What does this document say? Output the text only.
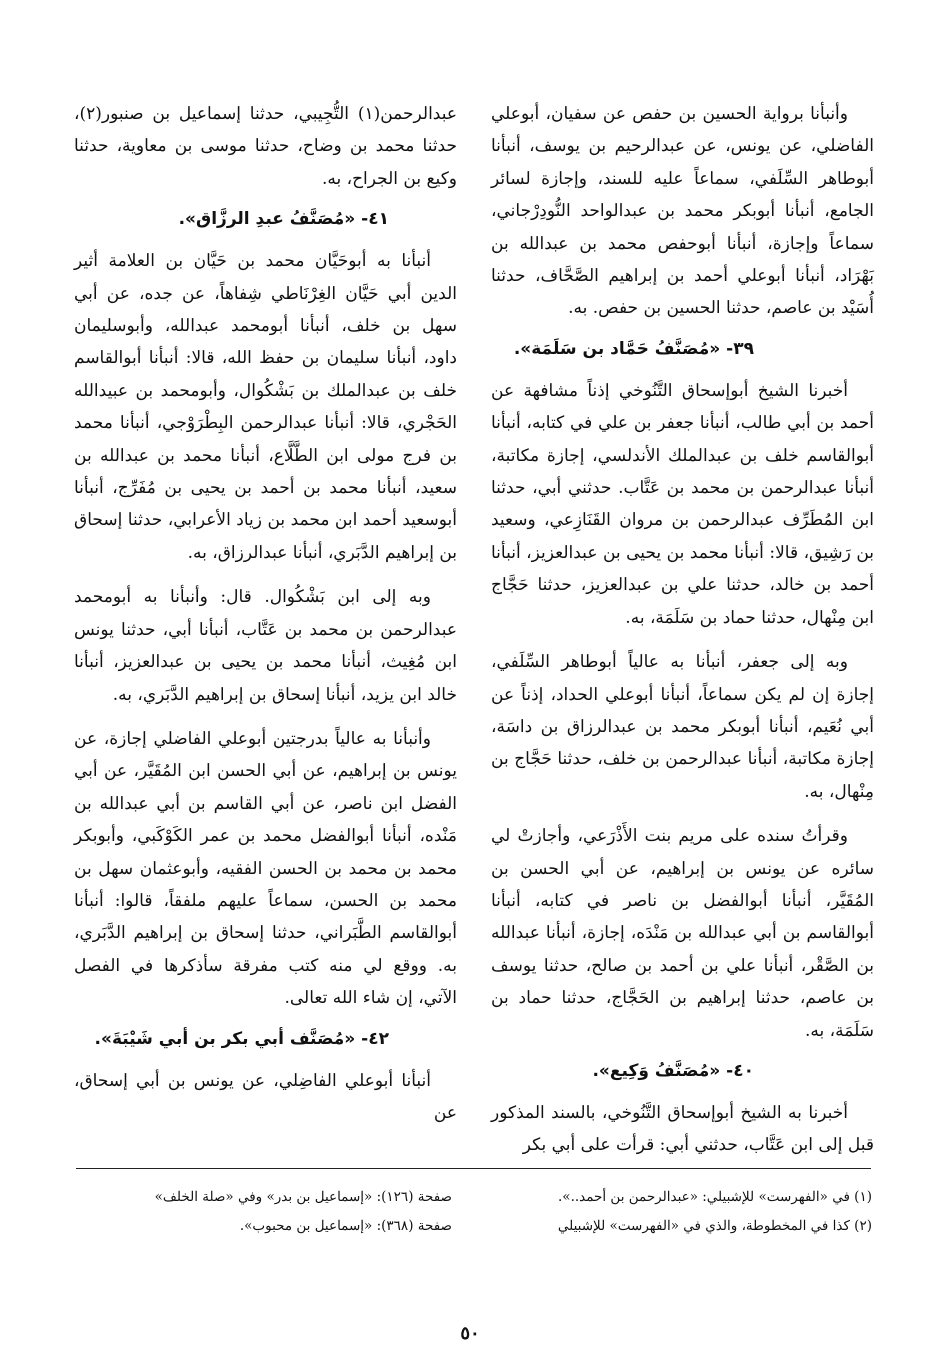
وأنبأنا برواية الحسين بن حفص عن سفيان، أبوعلي الفاضلي، عن يونس، عن عبدالرحيم بن يوسف، أنبأنا أبوطاهر السِّلَفي، سماعاً عليه للسند، وإجازة لسائر الجامع، أنبأنا أبوبكر محمد بن عبدالواحد النُّودِرْجاني، سماعاً وإجازة، أنبأنا أبوحفص محمد بن عبدالله بن بَهْرَاد، أنبأنا أبوعلي أحمد بن إبراهيم الصَّحَّاف، حدثنا أُسَيْد بن عاصم، حدثنا الحسين بن حفص. به.

٣٩- «مُصَنَّفُ حَمَّاد بن سَلَمَة».

أخبرنا الشيخ أبوإسحاق التَّنُوخي إذناً مشافهة عن أحمد بن أبي طالب، أنبأنا جعفر بن علي في كتابه، أنبأنا أبوالقاسم خلف بن عبدالملك الأندلسي، إجازة مكاتبة، أنبأنا عبدالرحمن بن محمد بن عَتَّاب. حدثني أبي، حدثنا ابن المُطَرِّف عبدالرحمن بن مروان القَنَازِعي، وسعيد بن رَشِيق، قالا: أنبأنا محمد بن يحيى بن عبدالعزيز، أنبأنا أحمد بن خالد، حدثنا علي بن عبدالعزيز، حدثنا حَجَّاج ابن مِنْهال، حدثنا حماد بن سَلَمَة، به.

وبه إلى جعفر، أنبأنا به عالياً أبوطاهر السِّلَفي، إجازة إن لم يكن سماعاً، أنبأنا أبوعلي الحداد، إذناً عن أبي نُعَيم، أنبأنا أبوبكر محمد بن عبدالرزاق بن داسَة، إجازة مكاتبة، أنبأنا عبدالرحمن بن خلف، حدثنا حَجَّاج بن مِنْهال، به.

وقرأتُ سنده على مريم بنت الأَذْرَعي، وأجازتْ لي سائره عن يونس بن إبراهيم، عن أبي الحسن بن المُقَيَّر، أنبأنا أبوالفضل بن ناصر في كتابه، أنبأنا أبوالقاسم بن أبي عبدالله بن مَنْدَه، إجازة، أنبأنا عبدالله بن الصَّقْر، أنبأنا علي بن أحمد بن صالح، حدثنا يوسف بن عاصم، حدثنا إبراهيم بن الحَجَّاج، حدثنا حماد بن سَلَمَة، به.

٤٠- «مُصَنَّفُ وَكِيع».

أخبرنا به الشيخ أبوإسحاق التَّنُوخي، بالسند المذكور قبل إلى ابن عَتَّاب، حدثني أبي: قرأت على أبي بكر

عبدالرحمن(١) التُّجِيبي، حدثنا إسماعيل بن صنبور(٢)، حدثنا محمد بن وضاح، حدثنا موسى بن معاوية، حدثنا وكيع بن الجراح، به.

٤١- «مُصَنَّفُ عبدِ الرزَّاق».

أنبأنا به أبوحَيَّان محمد بن حَيَّان بن العلامة أثير الدين أبي حَيَّان الغِرْنَاطي شِفاهاً، عن جده، عن أبي سهل بن خلف، أنبأنا أبومحمد عبدالله، وأبوسليمان داود، أنبأنا سليمان بن حفظ الله، قالا: أنبأنا أبوالقاسم خلف بن عبدالملك بن بَشْكُوال، وأبومحمد بن عبيدالله الحَجْري، قالا: أنبأنا عبدالرحمن البِطْرَوْجي، أنبأنا محمد بن فرج مولى ابن الطَّلَّاع، أنبأنا محمد بن عبدالله بن سعيد، أنبأنا محمد بن أحمد بن يحيى بن مُفَرِّج، أنبأنا أبوسعيد أحمد ابن محمد بن زياد الأعرابي، حدثنا إسحاق بن إبراهيم الدَّبَري، أنبأنا عبدالرزاق، به.

وبه إلى ابن بَشْكُوال. قال: وأنبأنا به أبومحمد عبدالرحمن بن محمد بن عَتَّاب، أنبأنا أبي، حدثنا يونس ابن مُغِيث، أنبأنا محمد بن يحيى بن عبدالعزيز، أنبأنا خالد ابن يزيد، أنبأنا إسحاق بن إبراهيم الدَّبَري، به.

وأنبأنا به عالياً بدرجتين أبوعلي الفاضلي إجازة، عن يونس بن إبراهيم، عن أبي الحسن ابن المُقَيَّر، عن أبي الفضل ابن ناصر، عن أبي القاسم بن أبي عبدالله بن مَنْده، أنبأنا أبوالفضل محمد بن عمر الكَوْكَبي، وأبوبكر محمد بن محمد بن الحسن الفقيه، وأبوعثمان سهل بن محمد بن الحسن، سماعاً عليهم ملفقاً، قالوا: أنبأنا أبوالقاسم الطَّبَراني، حدثنا إسحاق بن إبراهيم الدَّبَري، به. ووقع لي منه كتب مفرقة سأذكرها في الفصل الآتي، إن شاء الله تعالى.

٤٢- «مُصَنَّف أبي بكر بن أبي شَيْبَةَ».

أنبأنا أبوعلي الفاضِلي، عن يونس بن أبي إسحاق، عن

(١) في «الفهرست» للإشبيلي: «عبدالرحمن بن أحمد..».

(٢) كذا في المخطوطة، والذي في «الفهرست» للإشبيلي

صفحة (١٢٦): «إسماعيل بن بدر» وفي «صلة الخلف»

صفحة (٣٦٨): «إسماعيل بن محبوب».

٥٠
